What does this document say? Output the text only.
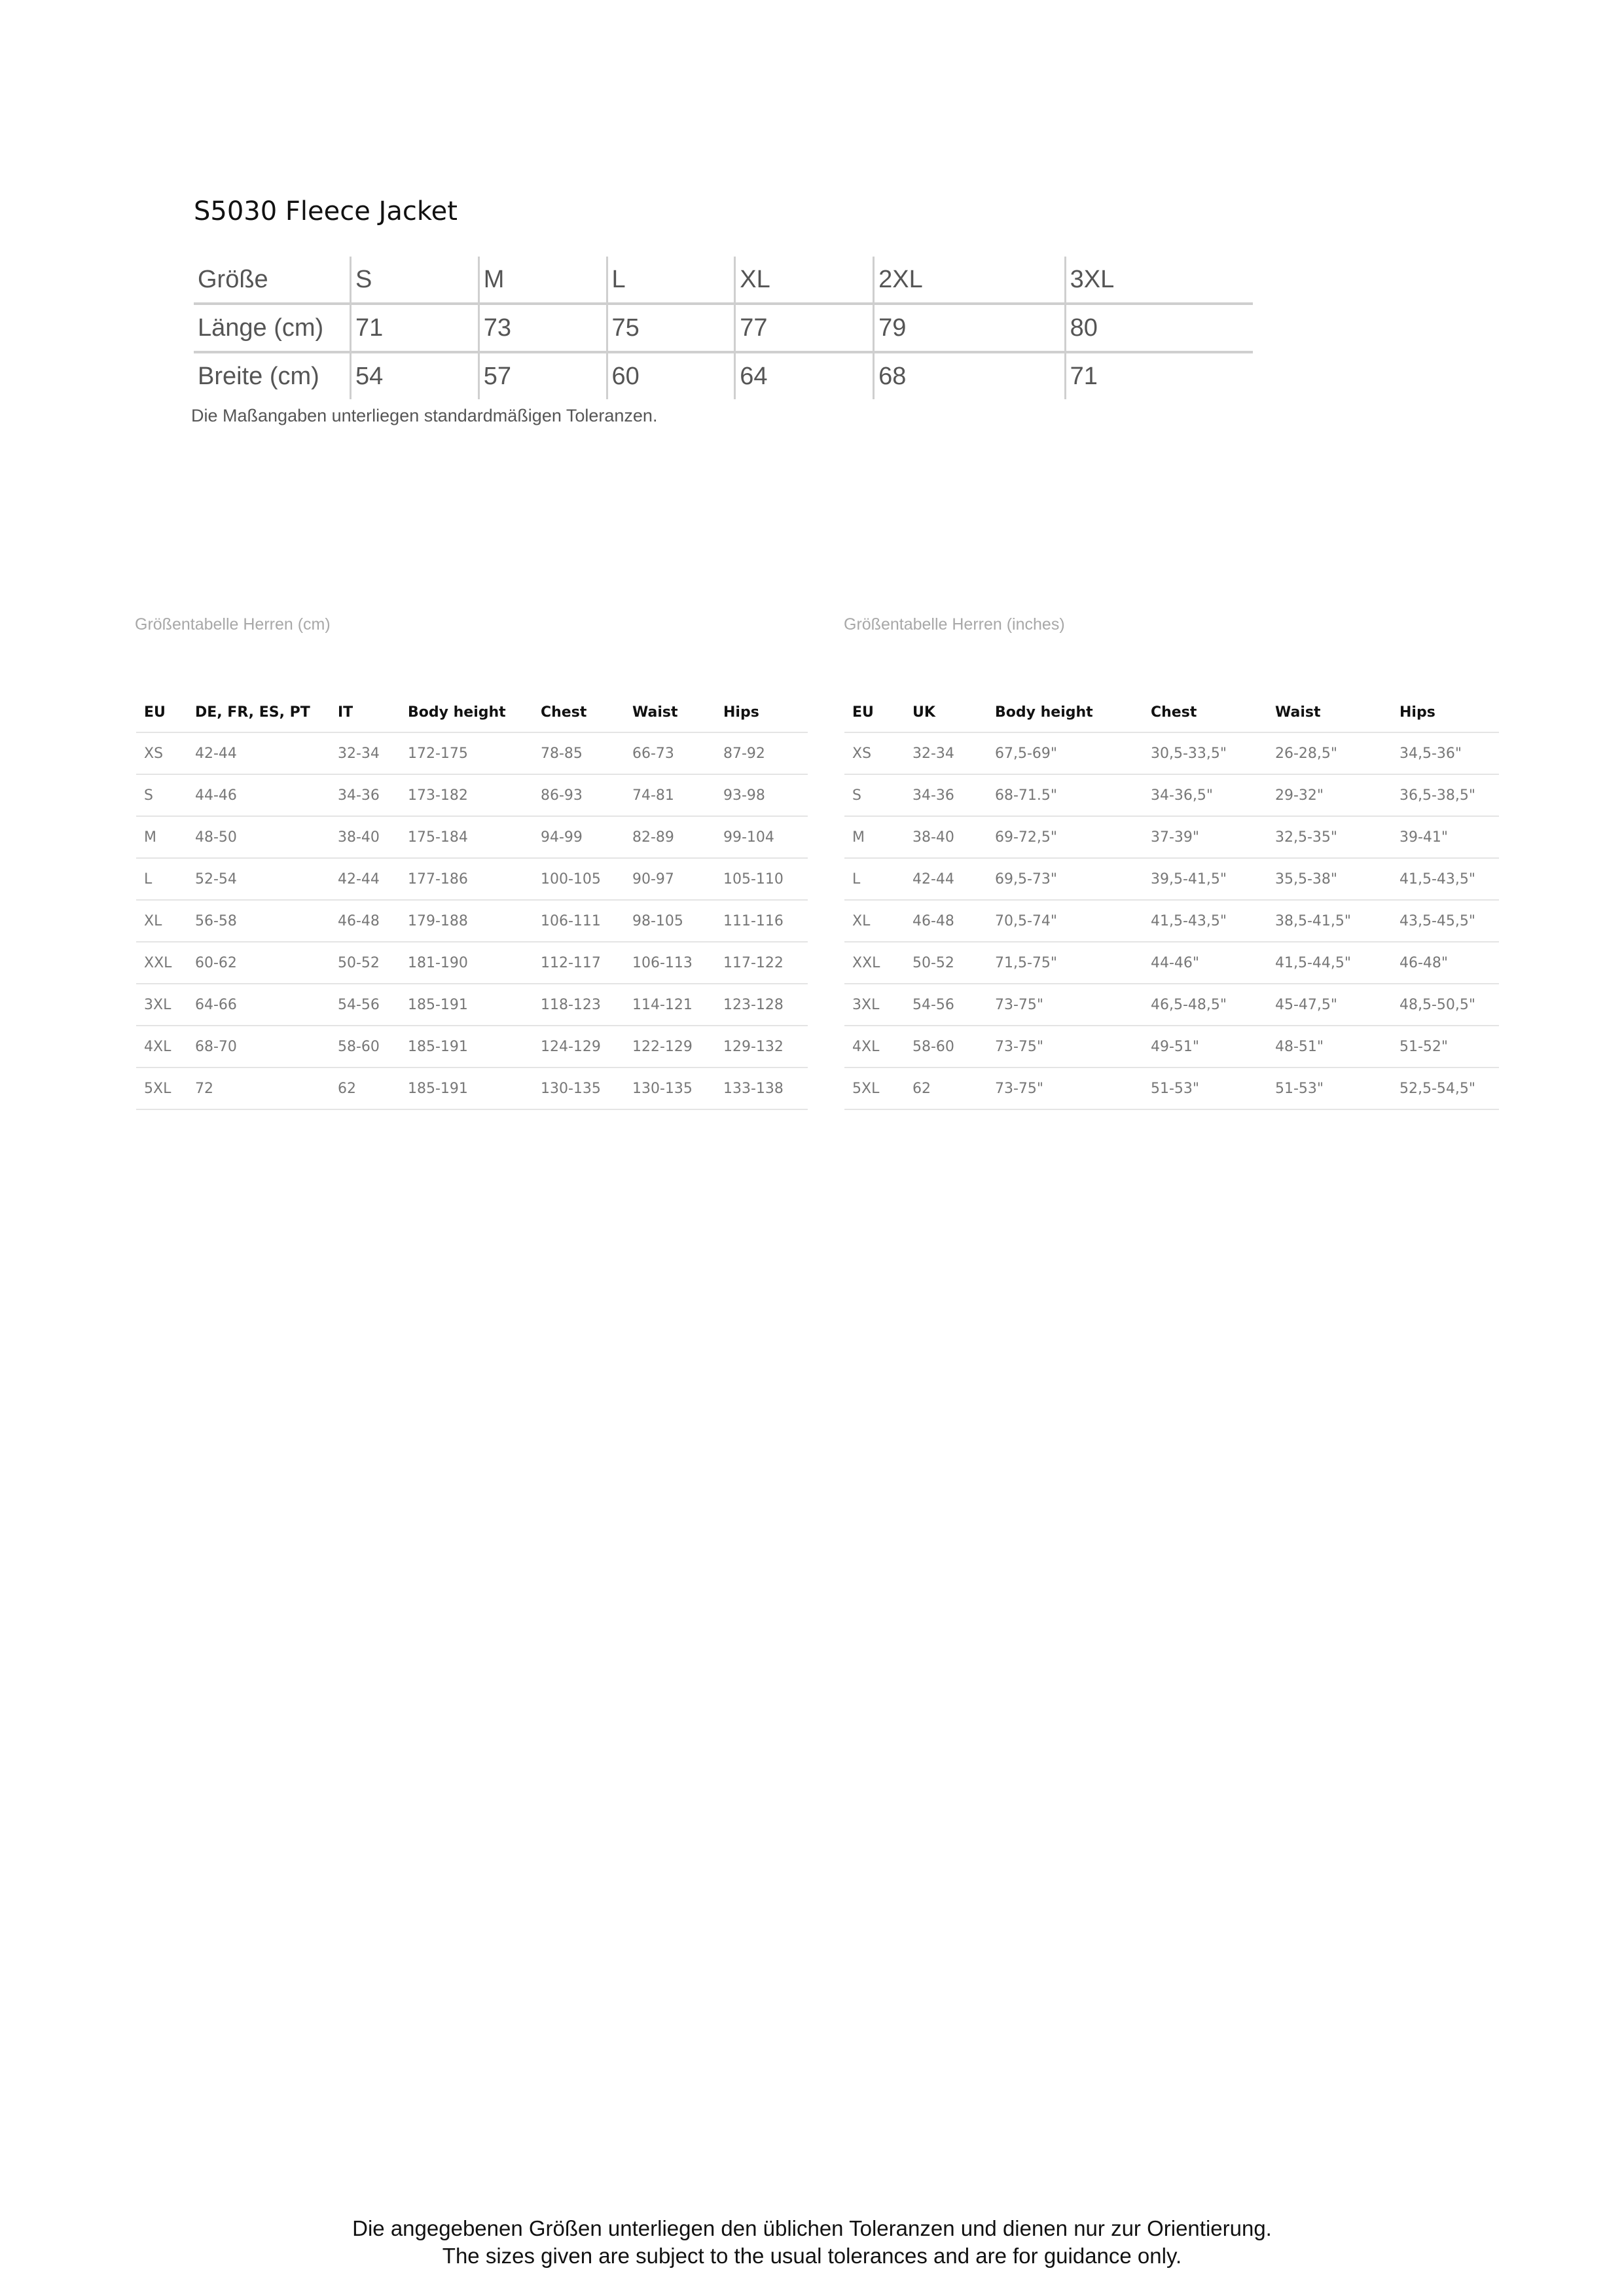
S5030 Fleece Jacket
Größe	S	M	L	XL	2XL	3XL
Länge (cm)	71	73	75	77	79	80
Breite (cm)	54	57	60	64	68	71
Die Maßangaben unterliegen standardmäßigen Toleranzen.
Größentabelle Herren (cm)
EU	DE, FR, ES, PT	IT	Body height	Chest	Waist	Hips
XS	42-44	32-34	172-175	78-85	66-73	87-92
S	44-46	34-36	173-182	86-93	74-81	93-98
M	48-50	38-40	175-184	94-99	82-89	99-104
L	52-54	42-44	177-186	100-105	90-97	105-110
XL	56-58	46-48	179-188	106-111	98-105	111-116
XXL	60-62	50-52	181-190	112-117	106-113	117-122
3XL	64-66	54-56	185-191	118-123	114-121	123-128
4XL	68-70	58-60	185-191	124-129	122-129	129-132
5XL	72	62	185-191	130-135	130-135	133-138
Größentabelle Herren (inches)
EU	UK	Body height	Chest	Waist	Hips
XS	32-34	67,5-69"	30,5-33,5"	26-28,5"	34,5-36"
S	34-36	68-71.5"	34-36,5"	29-32"	36,5-38,5"
M	38-40	69-72,5"	37-39"	32,5-35"	39-41"
L	42-44	69,5-73"	39,5-41,5"	35,5-38"	41,5-43,5"
XL	46-48	70,5-74"	41,5-43,5"	38,5-41,5"	43,5-45,5"
XXL	50-52	71,5-75"	44-46"	41,5-44,5"	46-48"
3XL	54-56	73-75"	46,5-48,5"	45-47,5"	48,5-50,5"
4XL	58-60	73-75"	49-51"	48-51"	51-52"
5XL	62	73-75"	51-53"	51-53"	52,5-54,5"
Die angegebenen Größen unterliegen den üblichen Toleranzen und dienen nur zur Orientierung.
The sizes given are subject to the usual tolerances and are for guidance only.
